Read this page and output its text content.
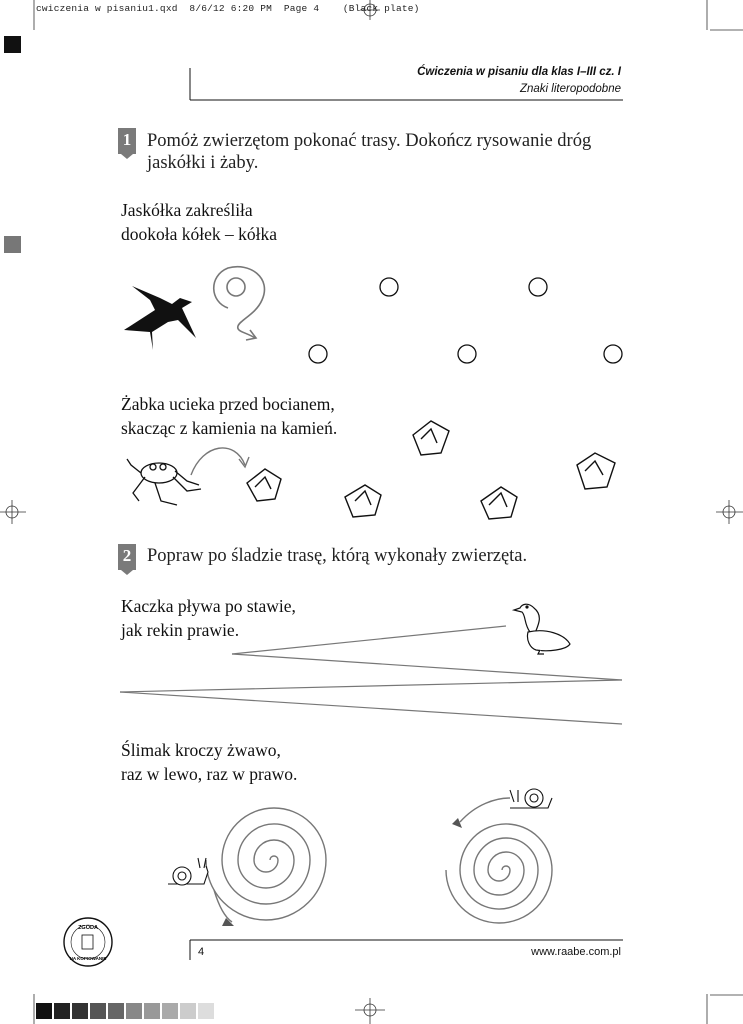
cwiczenia w pisaniu1.qxd  8/6/12 6:20 PM  Page 4    (Black plate)
Ćwiczenia w pisaniu dla klas I–III cz. I
Znaki literopodobne
1 Pomóż zwierzętom pokonać trasy. Dokończ rysowanie dróg
jaskółki i żaby.
Jaskółka zakreśliła
dookoła kółek – kółka
Żabka ucieka przed bocianem,
skacząc z kamienia na kamień.
2 Popraw po śladzie trasę, którą wykonały zwierzęta.
Kaczka pływa po stawie,
jak rekin prawie.
Ślimak kroczy żwawo,
raz w lewo, raz w prawo.
ZGODA
NA KOPIOWANIE
4	www.raabe.com.pl
